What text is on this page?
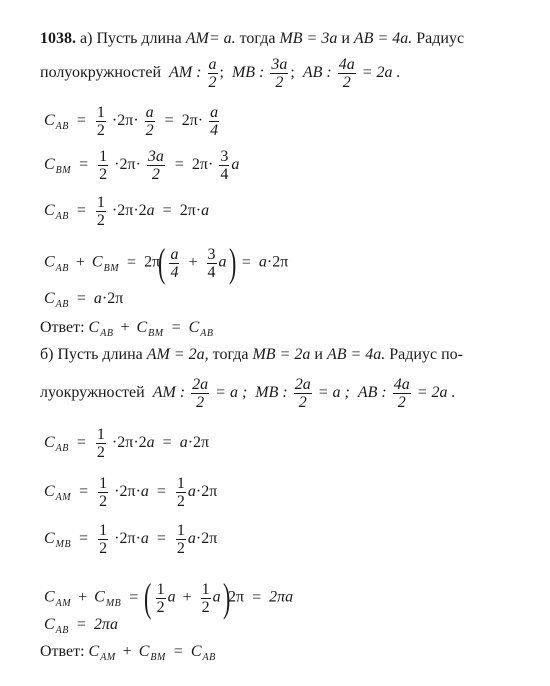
1038. а) Пусть длина AM= a. тогда MB = 3a и AB = 4a. Радиус
полуокружностей AM : $\frac{a}{2}$ ; MB : $\frac{3a}{2}$ ; AB : $\frac{4a}{2} = 2a$ .
$C_{AB} = \frac{1}{2} \cdot 2\pi\cdot \frac{a}{2} = 2\pi\cdot \frac{a}{4}$
$C_{BM} = \frac{1}{2} \cdot 2\pi\cdot \frac{3a}{2} = 2\pi\cdot \frac{3}{4}$ a
$C_{AB} = \frac{1}{2} \cdot 2\pi\cdot 2a = 2\pi\cdot a$
$C_{AB} + C_{BM} = 2\pi( \frac{a}{4} + \frac{3}{4}$ a ) = a·2π
$C_{AB} = a\cdot 2\pi$
Ответ: $C_{AB} + C_{BM} = C_{AB}$
б) Пусть длина AM = 2a, тогда MB = 2a и AB = 4a. Радиус по-
луокружностей AM : $\frac{2a}{2} = a$ ; MB : $\frac{2a}{2} = a$ ; AB : $\frac{4a}{2} = 2a$ .
$C_{AB} = \frac{1}{2} \cdot 2\pi\cdot 2a = a\cdot 2\pi$
$C_{AM} = \frac{1}{2} \cdot 2\pi\cdot a = \frac{1}{2} a\cdot 2\pi$
$C_{MB} = \frac{1}{2} \cdot 2\pi\cdot a = \frac{1}{2} a\cdot 2\pi$
$C_{AM} + C_{MB}$ = ( $\frac{1}{2}$ $a + \frac{1}{2}$ a )2π = 2πa
$C_{AB} = 2\pi a$
Ответ: $C_{AM} + C_{BM} = C_{AB}$
